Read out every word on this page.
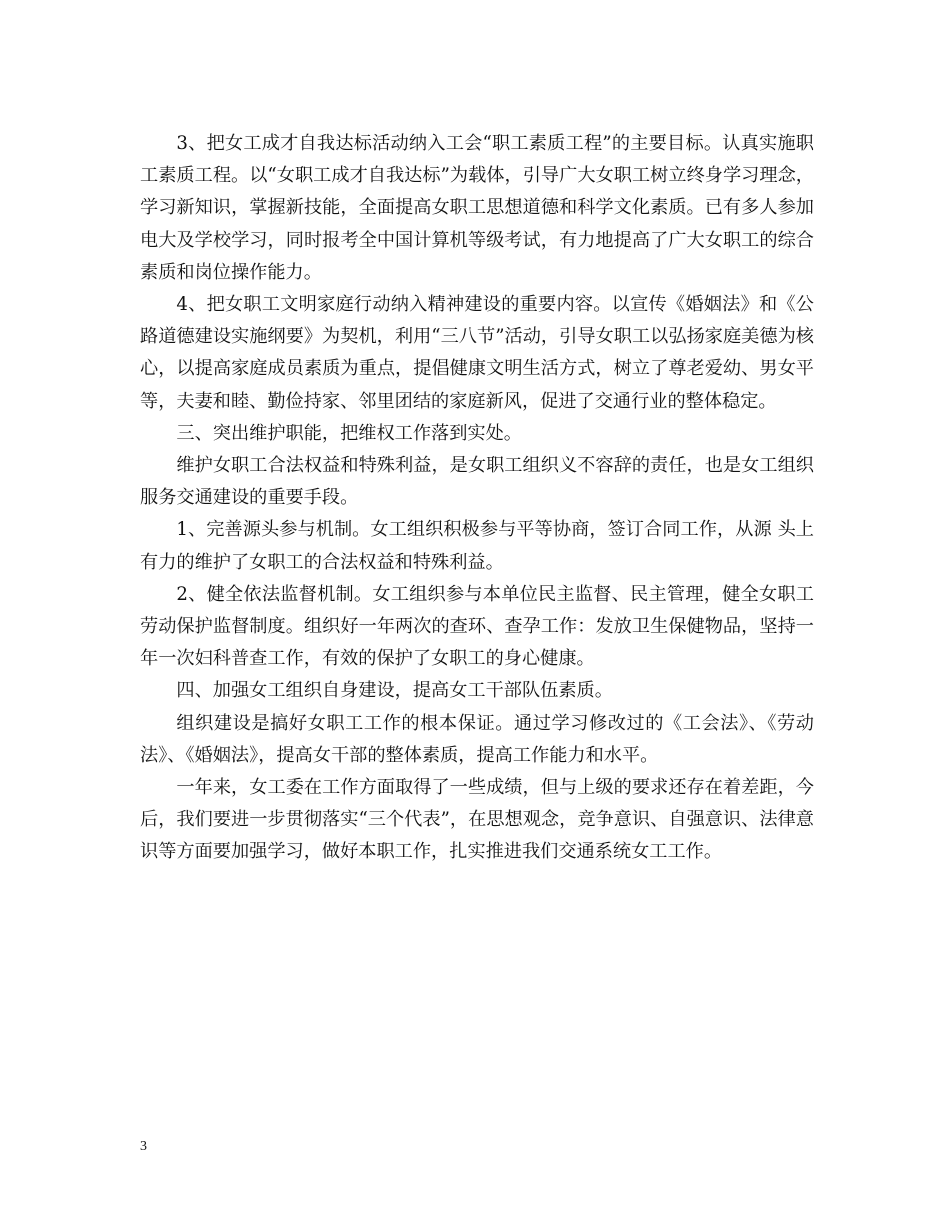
3、把女工成才自我达标活动纳入工会“职工素质工程”的主要目标。认真实施职工素质工程。以“女职工成才自我达标”为载体，引导广大女职工树立终身学习理念，学习新知识，掌握新技能，全面提高女职工思想道德和科学文化素质。已有多人参加电大及学校学习，同时报考全中国计算机等级考试，有力地提高了广大女职工的综合素质和岗位操作能力。

4、把女职工文明家庭行动纳入精神建设的重要内容。以宣传《婚姻法》和《公路道德建设实施纲要》为契机，利用“三八节”活动，引导女职工以弘扬家庭美德为核心，以提高家庭成员素质为重点，提倡健康文明生活方式，树立了尊老爱幼、男女平等，夫妻和睦、勤俭持家、邻里团结的家庭新风，促进了交通行业的整体稳定。

三、突出维护职能，把维权工作落到实处。

维护女职工合法权益和特殊利益，是女职工组织义不容辞的责任，也是女工组织服务交通建设的重要手段。

1、完善源头参与机制。女工组织积极参与平等协商，签订合同工作，从源 头上有力的维护了女职工的合法权益和特殊利益。

2、健全依法监督机制。女工组织参与本单位民主监督、民主管理，健全女职工劳动保护监督制度。组织好一年两次的查环、查孕工作：发放卫生保健物品，坚持一年一次妇科普查工作，有效的保护了女职工的身心健康。

四、加强女工组织自身建设，提高女工干部队伍素质。

组织建设是搞好女职工工作的根本保证。通过学习修改过的《工会法》、《劳动法》、《婚姻法》，提高女干部的整体素质，提高工作能力和水平。

一年来，女工委在工作方面取得了一些成绩，但与上级的要求还存在着差距，今后，我们要进一步贯彻落实“三个代表”，在思想观念，竞争意识、自强意识、法律意识等方面要加强学习，做好本职工作，扎实推进我们交通系统女工工作。

3
